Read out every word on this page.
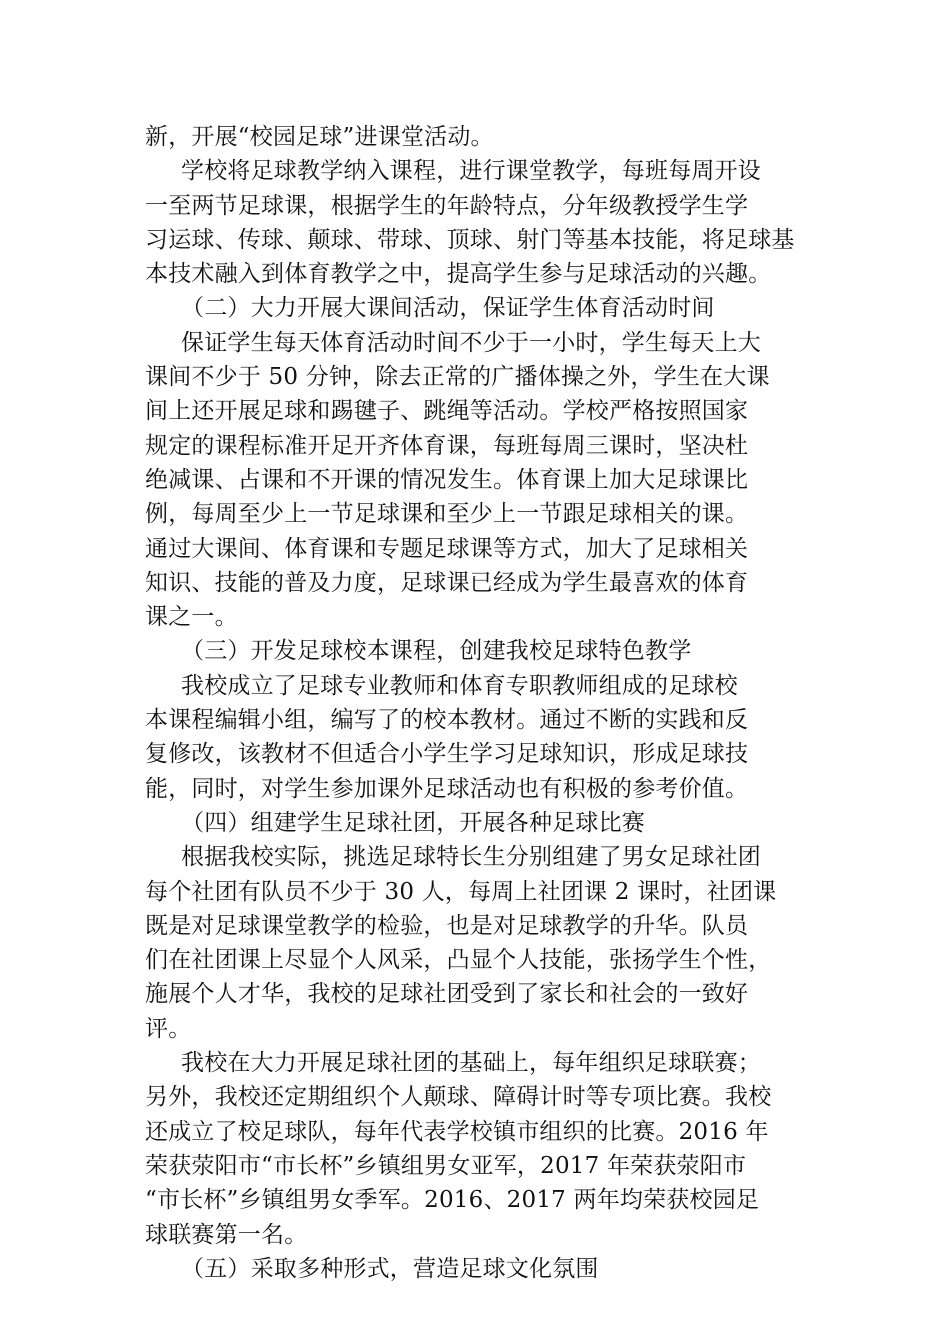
新，开展“校园足球”进课堂活动。
学校将足球教学纳入课程，进行课堂教学，每班每周开设
一至两节足球课，根据学生的年龄特点，分年级教授学生学
习运球、传球、颠球、带球、顶球、射门等基本技能，将足球基
本技术融入到体育教学之中，提高学生参与足球活动的兴趣。
（二）大力开展大课间活动，保证学生体育活动时间
保证学生每天体育活动时间不少于一小时，学生每天上大
课间不少于 50 分钟，除去正常的广播体操之外，学生在大课
间上还开展足球和踢毽子、跳绳等活动。学校严格按照国家
规定的课程标准开足开齐体育课，每班每周三课时，坚决杜
绝减课、占课和不开课的情况发生。体育课上加大足球课比
例，每周至少上一节足球课和至少上一节跟足球相关的课。
通过大课间、体育课和专题足球课等方式，加大了足球相关
知识、技能的普及力度，足球课已经成为学生最喜欢的体育
课之一。
（三）开发足球校本课程，创建我校足球特色教学
我校成立了足球专业教师和体育专职教师组成的足球校
本课程编辑小组，编写了的校本教材。通过不断的实践和反
复修改，该教材不但适合小学生学习足球知识，形成足球技
能，同时，对学生参加课外足球活动也有积极的参考价值。
（四）组建学生足球社团，开展各种足球比赛
根据我校实际，挑选足球特长生分别组建了男女足球社团
每个社团有队员不少于 30 人，每周上社团课 2 课时，社团课
既是对足球课堂教学的检验，也是对足球教学的升华。队员
们在社团课上尽显个人风采，凸显个人技能，张扬学生个性，
施展个人才华，我校的足球社团受到了家长和社会的一致好
评。
我校在大力开展足球社团的基础上，每年组织足球联赛；
另外，我校还定期组织个人颠球、障碍计时等专项比赛。我校
还成立了校足球队，每年代表学校镇市组织的比赛。2016 年
荣获荥阳市“市长杯”乡镇组男女亚军，2017 年荣获荥阳市
“市长杯”乡镇组男女季军。2016、2017 两年均荣获校园足
球联赛第一名。
（五）采取多种形式，营造足球文化氛围
